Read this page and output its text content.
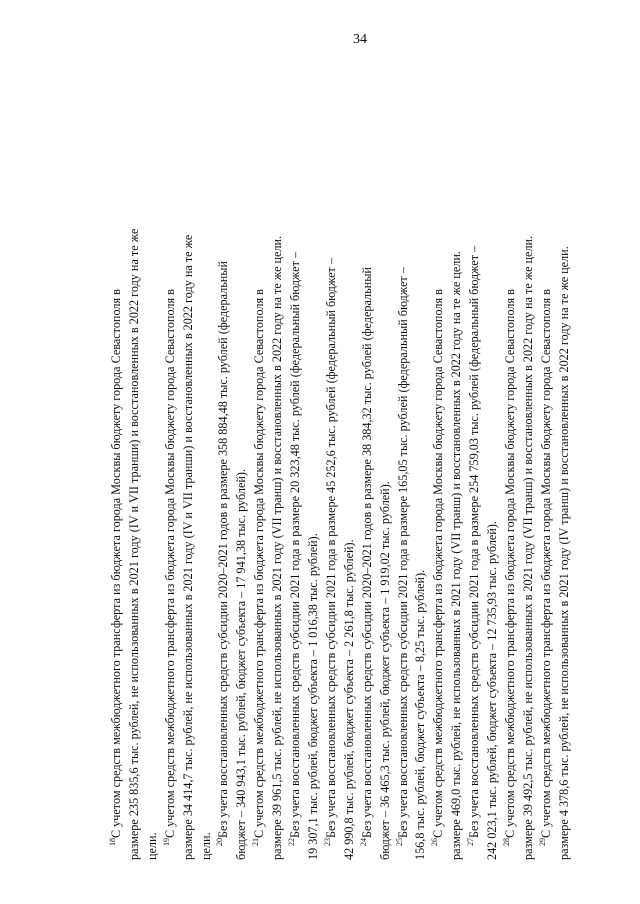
34

$^{18}$С учетом средств межбюджетного трансферта из бюджета города Москвы бюджету города Севастополя в размере 235 835,6 тыс. рублей, не использованных в 2021 году (IV и VII транши) и восстановленных в 2022 году на те же цели. $^{19}$С учетом средств межбюджетного трансферта из бюджета города Москвы бюджету города Севастополя в размере 34 414,7 тыс. рублей, не использованных в 2021 году (IV и VII транши) и восстановленных в 2022 году на те же цели. $^{20}$Без учета восстановленных средств субсидии 2020–2021 годов в размере 358 884,48 тыс. рублей (федеральный бюджет – 340 943,1 тыс. рублей, бюджет субъекта – 17 941,38 тыс. рублей). $^{21}$С учетом средств межбюджетного трансферта из бюджета города Москвы бюджету города Севастополя в размере 39 961,5 тыс. рублей, не использованных в 2021 году (VII транш) и восстановленных в 2022 году на те же цели. $^{22}$Без учета восстановленных средств субсидии 2021 года в размере 20 323,48 тыс. рублей (федеральный бюджет – 19 307,1 тыс. рублей, бюджет субъекта – 1 016,38 тыс. рублей). $^{23}$Без учета восстановленных средств субсидии 2021 года в размере 45 252,6 тыс. рублей (федеральный бюджет – 42 990,8 тыс. рублей, бюджет субъекта – 2 261,8 тыс. рублей). $^{24}$Без учета восстановленных средств субсидии 2020–2021 годов в размере 38 384,32 тыс. рублей (федеральный бюджет – 36 465,3 тыс. рублей, бюджет субъекта – 1 919,02 тыс. рублей). $^{25}$Без учета восстановленных средств субсидии 2021 года в размере 165,05 тыс. рублей (федеральный бюджет – 156,8 тыс. рублей, бюджет субъекта – 8,25 тыс. рублей). $^{26}$С учетом средств межбюджетного трансферта из бюджета города Москвы бюджету города Севастополя в размере 469,0 тыс. рублей, не использованных в 2021 году (VII транш) и восстановленных в 2022 году на те же цели. $^{27}$Без учета восстановленных средств субсидии 2021 года в размере 254 759,03 тыс. рублей (федеральный бюджет – 242 023,1 тыс. рублей, бюджет субъекта – 12 735,93 тыс. рублей). $^{28}$С учетом средств межбюджетного трансферта из бюджета города Москвы бюджету города Севастополя в размере 39 492,5 тыс. рублей, не использованных в 2021 году (VII транш) и восстановленных в 2022 году на те же цели. $^{29}$С учетом средств межбюджетного трансферта из бюджета города Москвы бюджету города Севастополя в размере 4 378,6 тыс. рублей, не использованных в 2021 году (IV транш) и восстановленных в 2022 году на те же цели.
